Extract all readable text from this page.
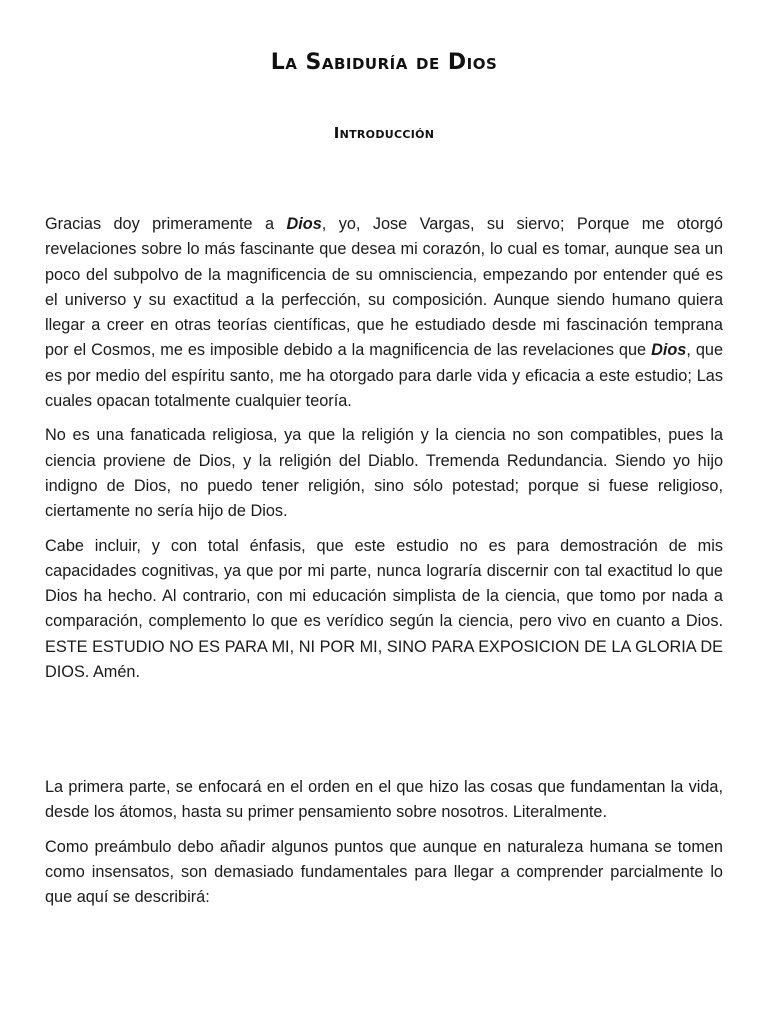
La Sabiduría de Dios
Introducción

Gracias doy primeramente a Dios, yo, Jose Vargas, su siervo; Porque me otorgó revelaciones sobre lo más fascinante que desea mi corazón, lo cual es tomar, aunque sea un poco del subpolvo de la magnificencia de su omnisciencia, empezando por entender qué es el universo y su exactitud a la perfección, su composición. Aunque siendo humano quiera llegar a creer en otras teorías científicas, que he estudiado desde mi fascinación temprana por el Cosmos, me es imposible debido a la magnificencia de las revelaciones que Dios, que es por medio del espíritu santo, me ha otorgado para darle vida y eficacia a este estudio; Las cuales opacan totalmente cualquier teoría.

No es una fanaticada religiosa, ya que la religión y la ciencia no son compatibles, pues la ciencia proviene de Dios, y la religión del Diablo. Tremenda Redundancia. Siendo yo hijo indigno de Dios, no puedo tener religión, sino sólo potestad; porque si fuese religioso, ciertamente no sería hijo de Dios.

Cabe incluir, y con total énfasis, que este estudio no es para demostración de mis capacidades cognitivas, ya que por mi parte, nunca lograría discernir con tal exactitud lo que Dios ha hecho. Al contrario, con mi educación simplista de la ciencia, que tomo por nada a comparación, complemento lo que es verídico según la ciencia, pero vivo en cuanto a Dios. ESTE ESTUDIO NO ES PARA MI, NI POR MI, SINO PARA EXPOSICION DE LA GLORIA DE DIOS. Amén.

La primera parte, se enfocará en el orden en el que hizo las cosas que fundamentan la vida, desde los átomos, hasta su primer pensamiento sobre nosotros. Literalmente.

Como preámbulo debo añadir algunos puntos que aunque en naturaleza humana se tomen como insensatos, son demasiado fundamentales para llegar a comprender parcialmente lo que aquí se describirá:
